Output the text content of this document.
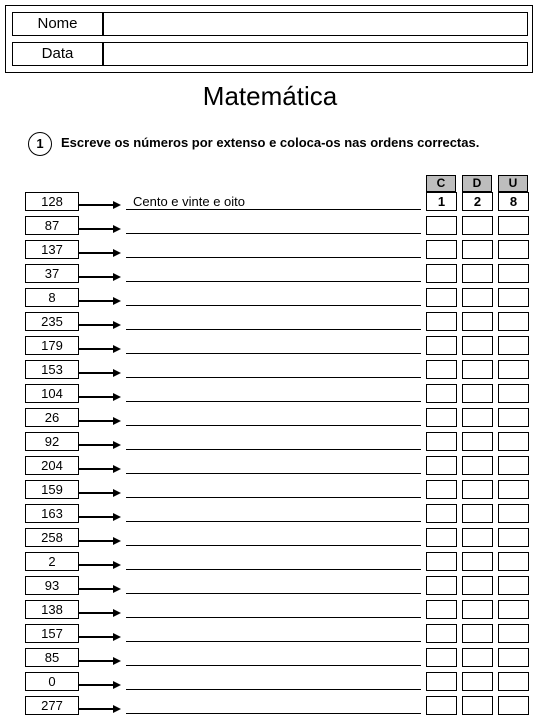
Nome
Data
Matemática
1	Escreve os números por extenso e coloca-os nas ordens correctas.
C	D	U
128	Cento e vinte e oito	1	2	8
87
137
37
8
235
179
153
104
26
92
204
159
163
258
2
93
138
157
85
0
277
